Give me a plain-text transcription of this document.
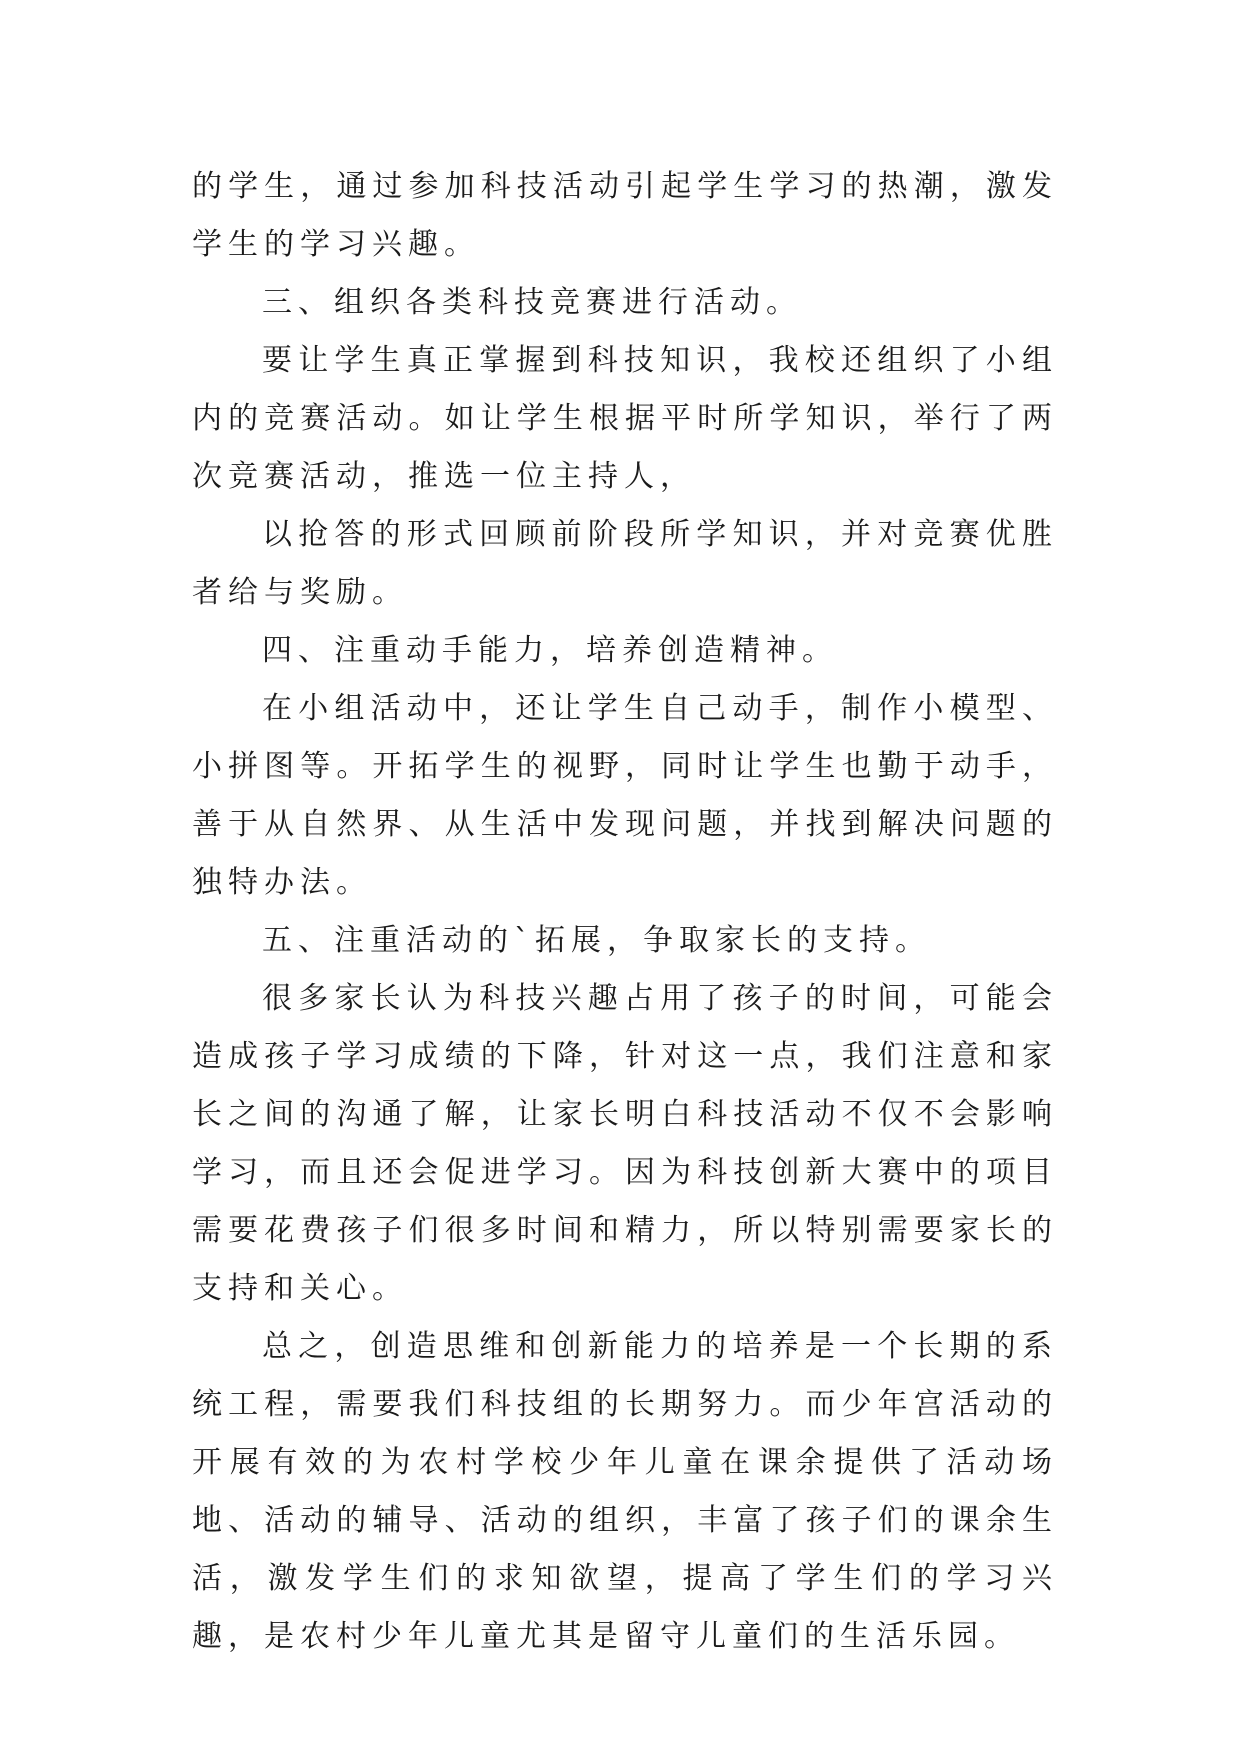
的学生，通过参加科技活动引起学生学习的热潮，激发学生的学习兴趣。

三、组织各类科技竞赛进行活动。

要让学生真正掌握到科技知识，我校还组织了小组内的竞赛活动。如让学生根据平时所学知识，举行了两次竞赛活动，推选一位主持人，

以抢答的形式回顾前阶段所学知识，并对竞赛优胜者给与奖励。

四、注重动手能力，培养创造精神。

在小组活动中，还让学生自己动手，制作小模型、小拼图等。开拓学生的视野，同时让学生也勤于动手，善于从自然界、从生活中发现问题，并找到解决问题的独特办法。

五、注重活动的`拓展，争取家长的支持。

很多家长认为科技兴趣占用了孩子的时间，可能会造成孩子学习成绩的下降，针对这一点，我们注意和家长之间的沟通了解，让家长明白科技活动不仅不会影响学习，而且还会促进学习。因为科技创新大赛中的项目需要花费孩子们很多时间和精力，所以特别需要家长的支持和关心。

总之，创造思维和创新能力的培养是一个长期的系统工程，需要我们科技组的长期努力。而少年宫活动的开展有效的为农村学校少年儿童在课余提供了活动场地、活动的辅导、活动的组织，丰富了孩子们的课余生活，激发学生们的求知欲望，提高了学生们的学习兴趣，是农村少年儿童尤其是留守儿童们的生活乐园。
